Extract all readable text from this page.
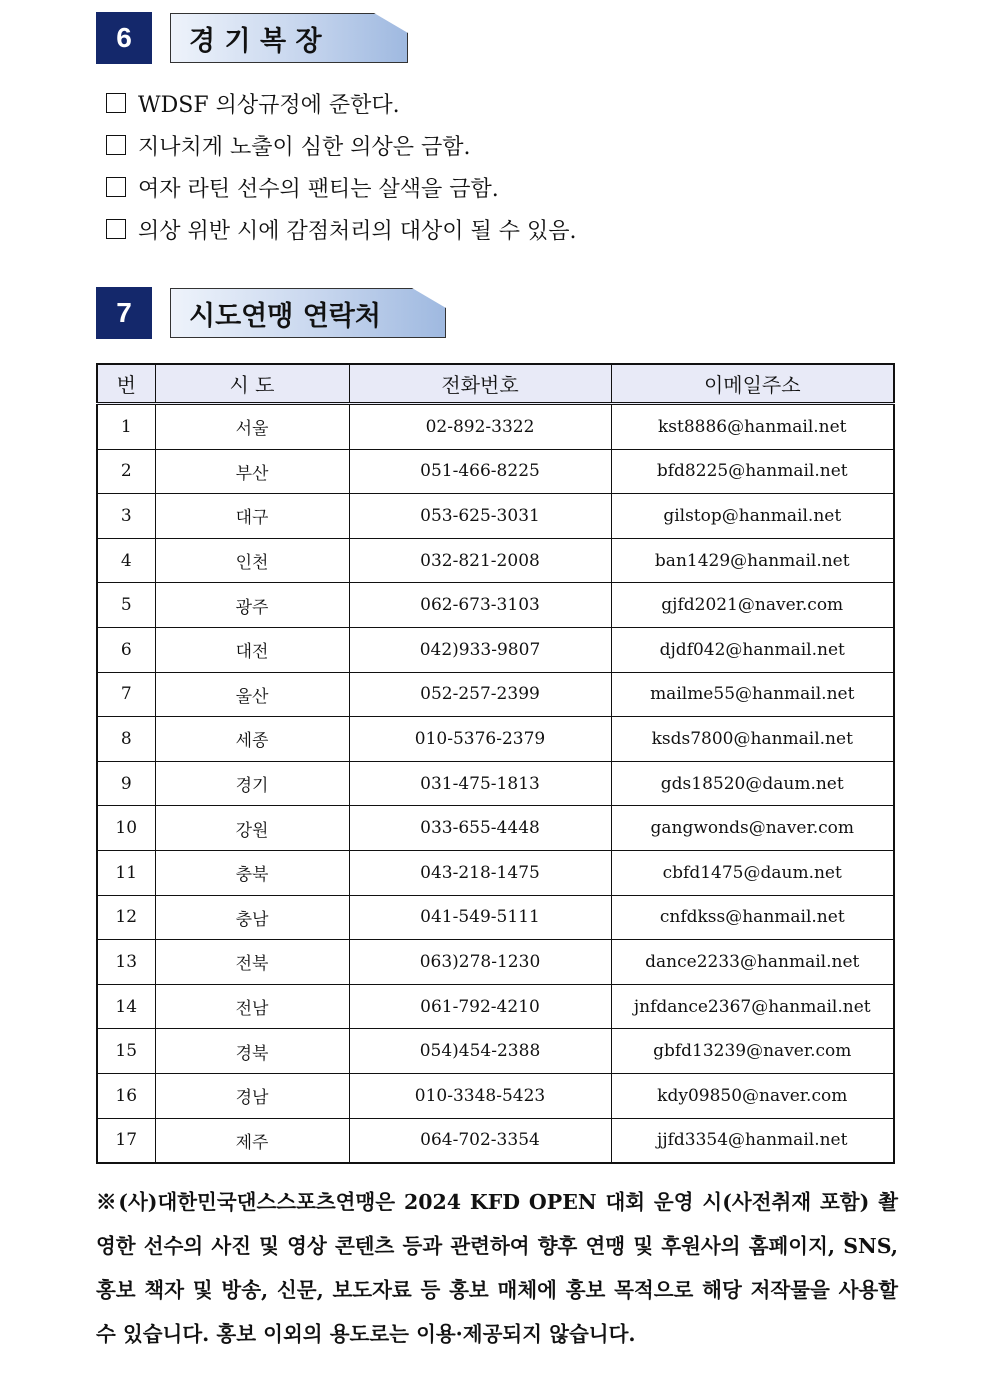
6	경 기 복 장
WDSF 의상규정에 준한다.
지나치게 노출이 심한 의상은 금함.
여자 라틴 선수의 팬티는 살색을 금함.
의상 위반 시에 감점처리의 대상이 될 수 있음.
7	시도연맹 연락처
번	시 도	전화번호	이메일주소
1	서울	02-892-3322	kst8886@hanmail.net
2	부산	051-466-8225	bfd8225@hanmail.net
3	대구	053-625-3031	gilstop@hanmail.net
4	인천	032-821-2008	ban1429@hanmail.net
5	광주	062-673-3103	gjfd2021@naver.com
6	대전	042)933-9807	djdf042@hanmail.net
7	울산	052-257-2399	mailme55@hanmail.net
8	세종	010-5376-2379	ksds7800@hanmail.net
9	경기	031-475-1813	gds18520@daum.net
10	강원	033-655-4448	gangwonds@naver.com
11	충북	043-218-1475	cbfd1475@daum.net
12	충남	041-549-5111	cnfdkss@hanmail.net
13	전북	063)278-1230	dance2233@hanmail.net
14	전남	061-792-4210	jnfdance2367@hanmail.net
15	경북	054)454-2388	gbfd13239@naver.com
16	경남	010-3348-5423	kdy09850@naver.com
17	제주	064-702-3354	jjfd3354@hanmail.net

※(사)대한민국댄스스포츠연맹은 2024 KFD OPEN 대회 운영 시(사전취재 포함) 촬영한 선수의 사진 및 영상 콘텐츠 등과 관련하여 향후 연맹 및 후원사의 홈페이지, SNS, 홍보 책자 및 방송, 신문, 보도자료 등 홍보 매체에 홍보 목적으로 해당 저작물을 사용할 수 있습니다. 홍보 이외의 용도로는 이용·제공되지 않습니다.
